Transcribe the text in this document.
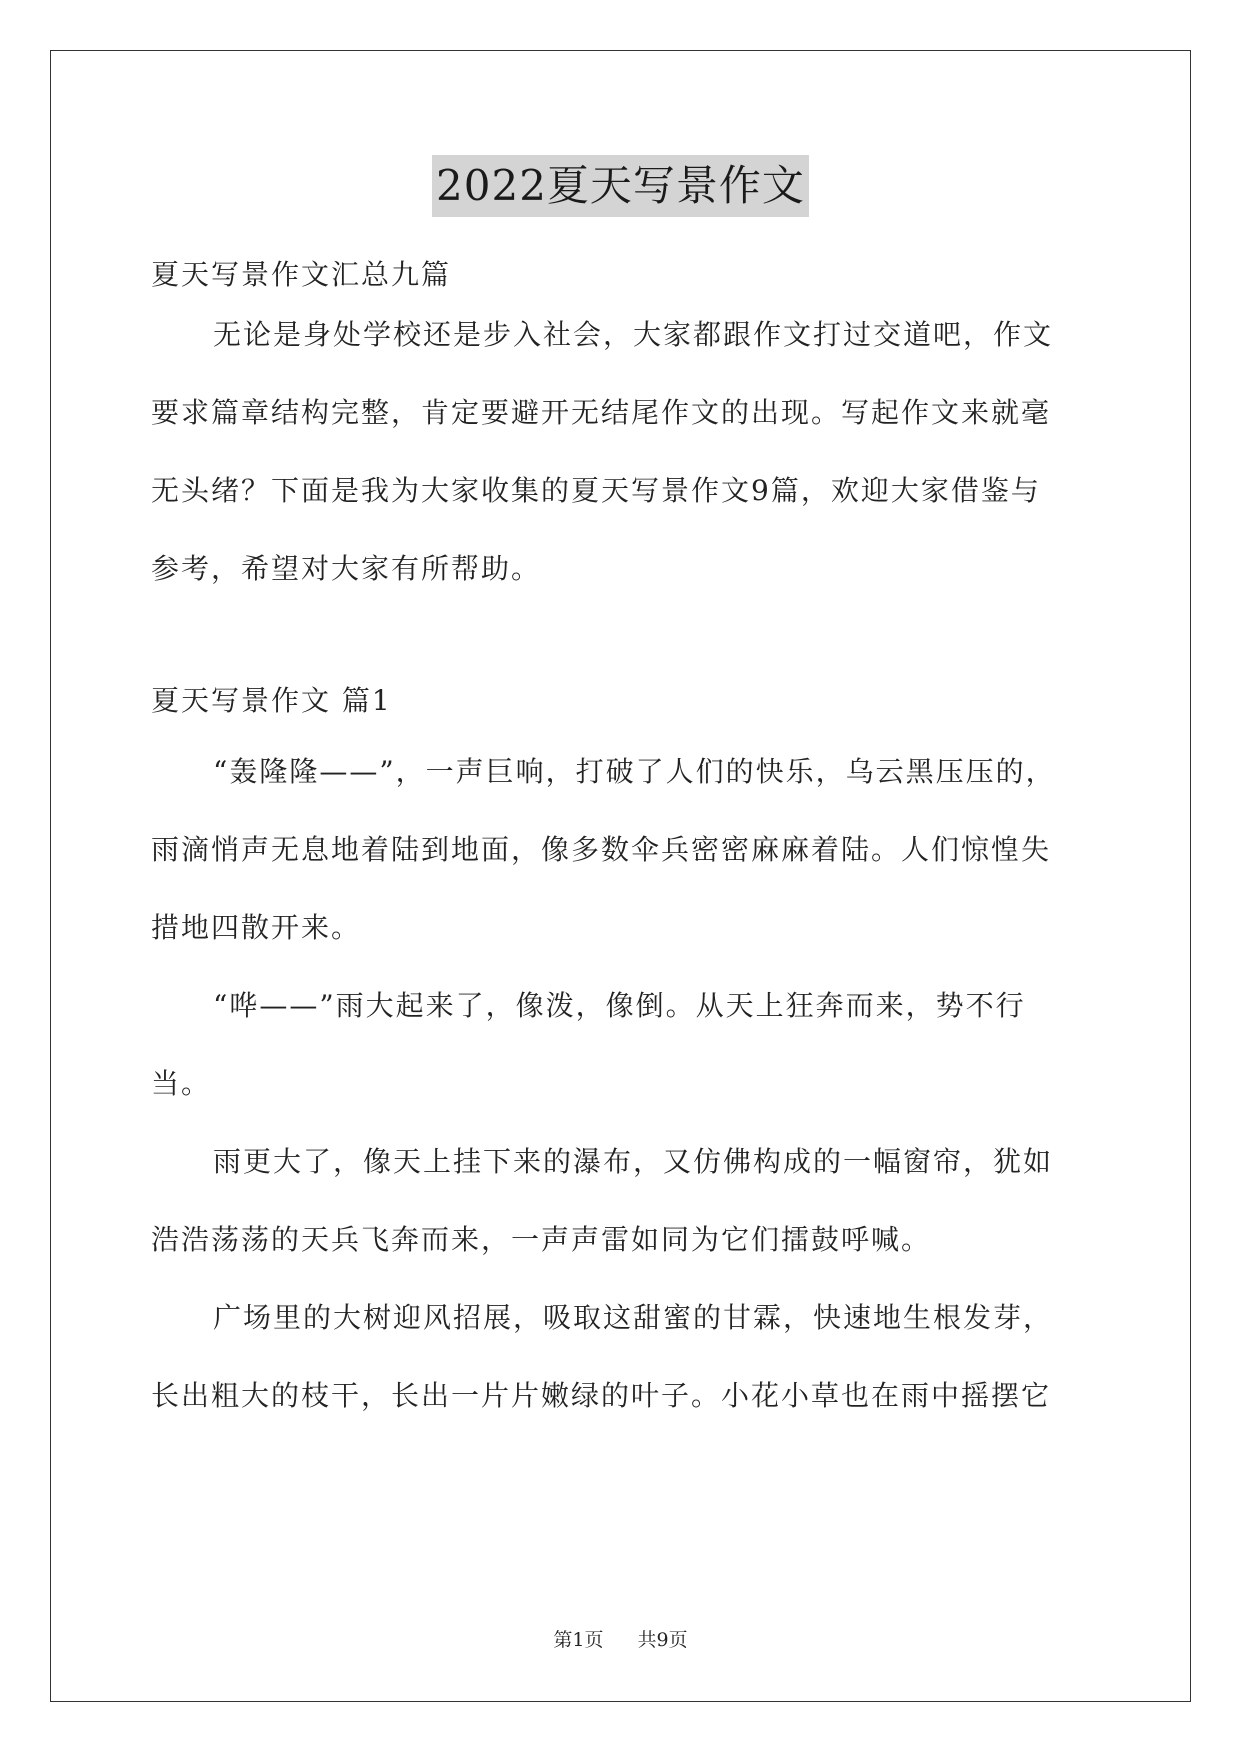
2022夏天写景作文

夏天写景作文汇总九篇

无论是身处学校还是步入社会，大家都跟作文打过交道吧，作文
要求篇章结构完整，肯定要避开无结尾作文的出现。写起作文来就毫
无头绪？下面是我为大家收集的夏天写景作文9篇，欢迎大家借鉴与
参考，希望对大家有所帮助。

夏天写景作文 篇1

“轰隆隆——”，一声巨响，打破了人们的快乐，乌云黑压压的，
雨滴悄声无息地着陆到地面，像多数伞兵密密麻麻着陆。人们惊惶失
措地四散开来。
“哗——”雨大起来了，像泼，像倒。从天上狂奔而来，势不行
当。
雨更大了，像天上挂下来的瀑布，又仿佛构成的一幅窗帘，犹如
浩浩荡荡的天兵飞奔而来，一声声雷如同为它们擂鼓呼喊。
广场里的大树迎风招展，吸取这甜蜜的甘霖，快速地生根发芽，
长出粗大的枝干，长出一片片嫩绿的叶子。小花小草也在雨中摇摆它
第1页 共9页
